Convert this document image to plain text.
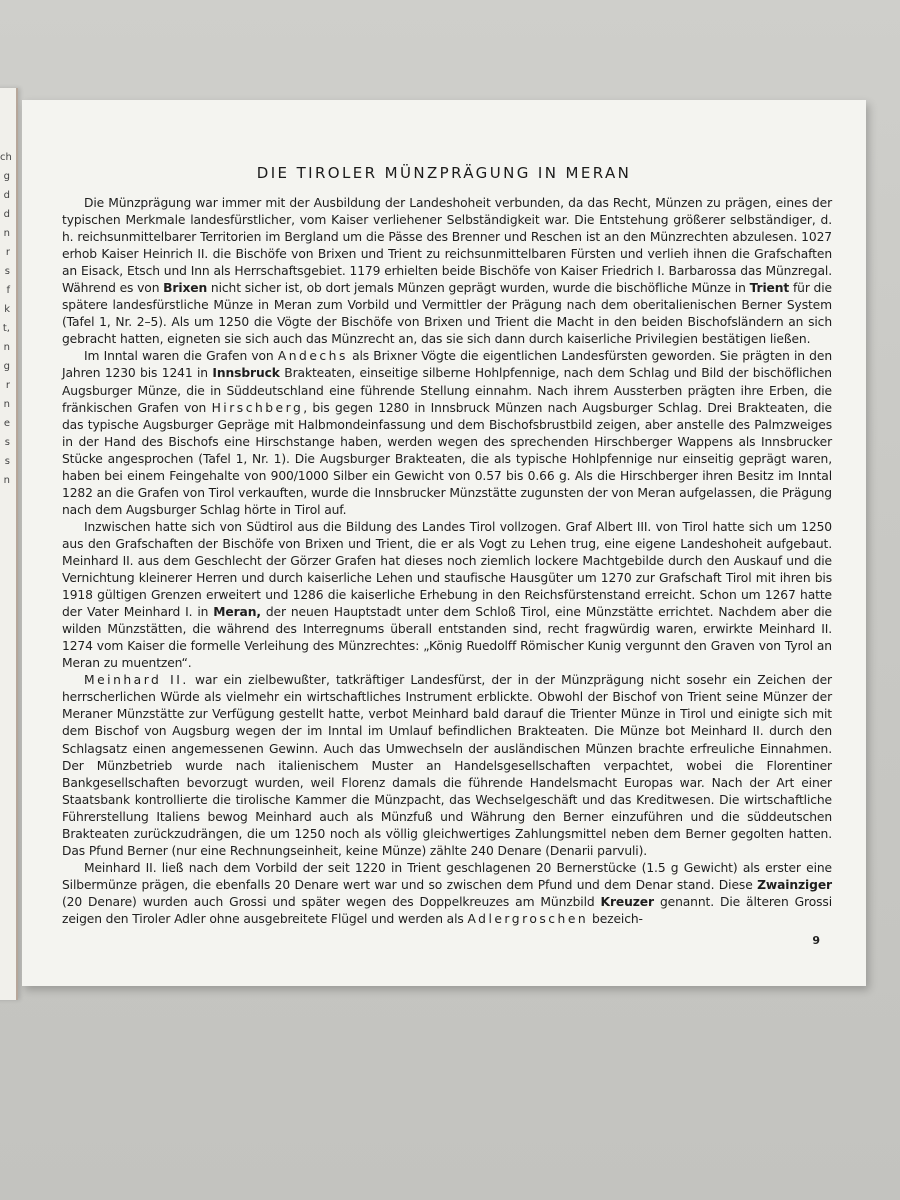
ch
g
d
d
n
r
s
f
k
t,
n
g
r
n
e
s
s
n
DIE TIROLER MÜNZPRÄGUNG IN MERAN

Die Münzprägung war immer mit der Ausbildung der Landeshoheit verbunden, da das Recht, Münzen zu prägen, eines der typischen Merkmale landesfürstlicher, vom Kaiser verliehener Selbständigkeit war. Die Entstehung größerer selbständiger, d. h. reichsunmittelbarer Territorien im Bergland um die Pässe des Brenner und Reschen ist an den Münzrechten abzulesen. 1027 erhob Kaiser Heinrich II. die Bischöfe von Brixen und Trient zu reichsunmittelbaren Fürsten und verlieh ihnen die Grafschaften an Eisack, Etsch und Inn als Herrschaftsgebiet. 1179 erhielten beide Bischöfe von Kaiser Friedrich I. Barbarossa das Münzregal. Während es von Brixen nicht sicher ist, ob dort jemals Münzen geprägt wurden, wurde die bischöfliche Münze in Trient für die spätere landesfürstliche Münze in Meran zum Vorbild und Vermittler der Prägung nach dem oberitalienischen Berner System (Tafel 1, Nr. 2–5). Als um 1250 die Vögte der Bischöfe von Brixen und Trient die Macht in den beiden Bischofsländern an sich gebracht hatten, eigneten sie sich auch das Münzrecht an, das sie sich dann durch kaiserliche Privilegien bestätigen ließen.

Im Inntal waren die Grafen von Andechs als Brixner Vögte die eigentlichen Landesfürsten geworden. Sie prägten in den Jahren 1230 bis 1241 in Innsbruck Brakteaten, einseitige silberne Hohlpfennige, nach dem Schlag und Bild der bischöflichen Augsburger Münze, die in Süddeutschland eine führende Stellung einnahm. Nach ihrem Aussterben prägten ihre Erben, die fränkischen Grafen von Hirschberg, bis gegen 1280 in Innsbruck Münzen nach Augsburger Schlag. Drei Brakteaten, die das typische Augsburger Gepräge mit Halbmondeinfassung und dem Bischofsbrustbild zeigen, aber anstelle des Palmzweiges in der Hand des Bischofs eine Hirschstange haben, werden wegen des sprechenden Hirschberger Wappens als Innsbrucker Stücke angesprochen (Tafel 1, Nr. 1). Die Augsburger Brakteaten, die als typische Hohlpfennige nur einseitig geprägt waren, haben bei einem Feingehalte von 900/1000 Silber ein Gewicht von 0.57 bis 0.66 g. Als die Hirschberger ihren Besitz im Inntal 1282 an die Grafen von Tirol verkauften, wurde die Innsbrucker Münzstätte zugunsten der von Meran aufgelassen, die Prägung nach dem Augsburger Schlag hörte in Tirol auf.

Inzwischen hatte sich von Südtirol aus die Bildung des Landes Tirol vollzogen. Graf Albert III. von Tirol hatte sich um 1250 aus den Grafschaften der Bischöfe von Brixen und Trient, die er als Vogt zu Lehen trug, eine eigene Landeshoheit aufgebaut. Meinhard II. aus dem Geschlecht der Görzer Grafen hat dieses noch ziemlich lockere Machtgebilde durch den Auskauf und die Vernichtung kleinerer Herren und durch kaiserliche Lehen und staufische Hausgüter um 1270 zur Grafschaft Tirol mit ihren bis 1918 gültigen Grenzen erweitert und 1286 die kaiserliche Erhebung in den Reichsfürstenstand erreicht. Schon um 1267 hatte der Vater Meinhard I. in Meran, der neuen Hauptstadt unter dem Schloß Tirol, eine Münzstätte errichtet. Nachdem aber die wilden Münzstätten, die während des Interregnums überall entstanden sind, recht fragwürdig waren, erwirkte Meinhard II. 1274 vom Kaiser die formelle Verleihung des Münzrechtes: „König Ruedolff Römischer Kunig vergunnt den Graven von Tyrol an Meran zu muentzen“.

Meinhard II. war ein zielbewußter, tatkräftiger Landesfürst, der in der Münzprägung nicht sosehr ein Zeichen der herrscherlichen Würde als vielmehr ein wirtschaftliches Instrument erblickte. Obwohl der Bischof von Trient seine Münzer der Meraner Münzstätte zur Verfügung gestellt hatte, verbot Meinhard bald darauf die Trienter Münze in Tirol und einigte sich mit dem Bischof von Augsburg wegen der im Inntal im Umlauf befindlichen Brakteaten. Die Münze bot Meinhard II. durch den Schlagsatz einen angemessenen Gewinn. Auch das Umwechseln der ausländischen Münzen brachte erfreuliche Einnahmen. Der Münzbetrieb wurde nach italienischem Muster an Handelsgesellschaften verpachtet, wobei die Florentiner Bankgesellschaften bevorzugt wurden, weil Florenz damals die führende Handelsmacht Europas war. Nach der Art einer Staatsbank kontrollierte die tirolische Kammer die Münzpacht, das Wechselgeschäft und das Kreditwesen. Die wirtschaftliche Führerstellung Italiens bewog Meinhard auch als Münzfuß und Währung den Berner einzuführen und die süddeutschen Brakteaten zurückzudrängen, die um 1250 noch als völlig gleichwertiges Zahlungsmittel neben dem Berner gegolten hatten. Das Pfund Berner (nur eine Rechnungseinheit, keine Münze) zählte 240 Denare (Denarii parvuli).

Meinhard II. ließ nach dem Vorbild der seit 1220 in Trient geschlagenen 20 Bernerstücke (1.5 g Gewicht) als erster eine Silbermünze prägen, die ebenfalls 20 Denare wert war und so zwischen dem Pfund und dem Denar stand. Diese Zwainziger (20 Denare) wurden auch Grossi und später wegen des Doppelkreuzes am Münzbild Kreuzer genannt. Die älteren Grossi zeigen den Tiroler Adler ohne ausgebreitete Flügel und werden als Adlergroschen bezeich-

9
